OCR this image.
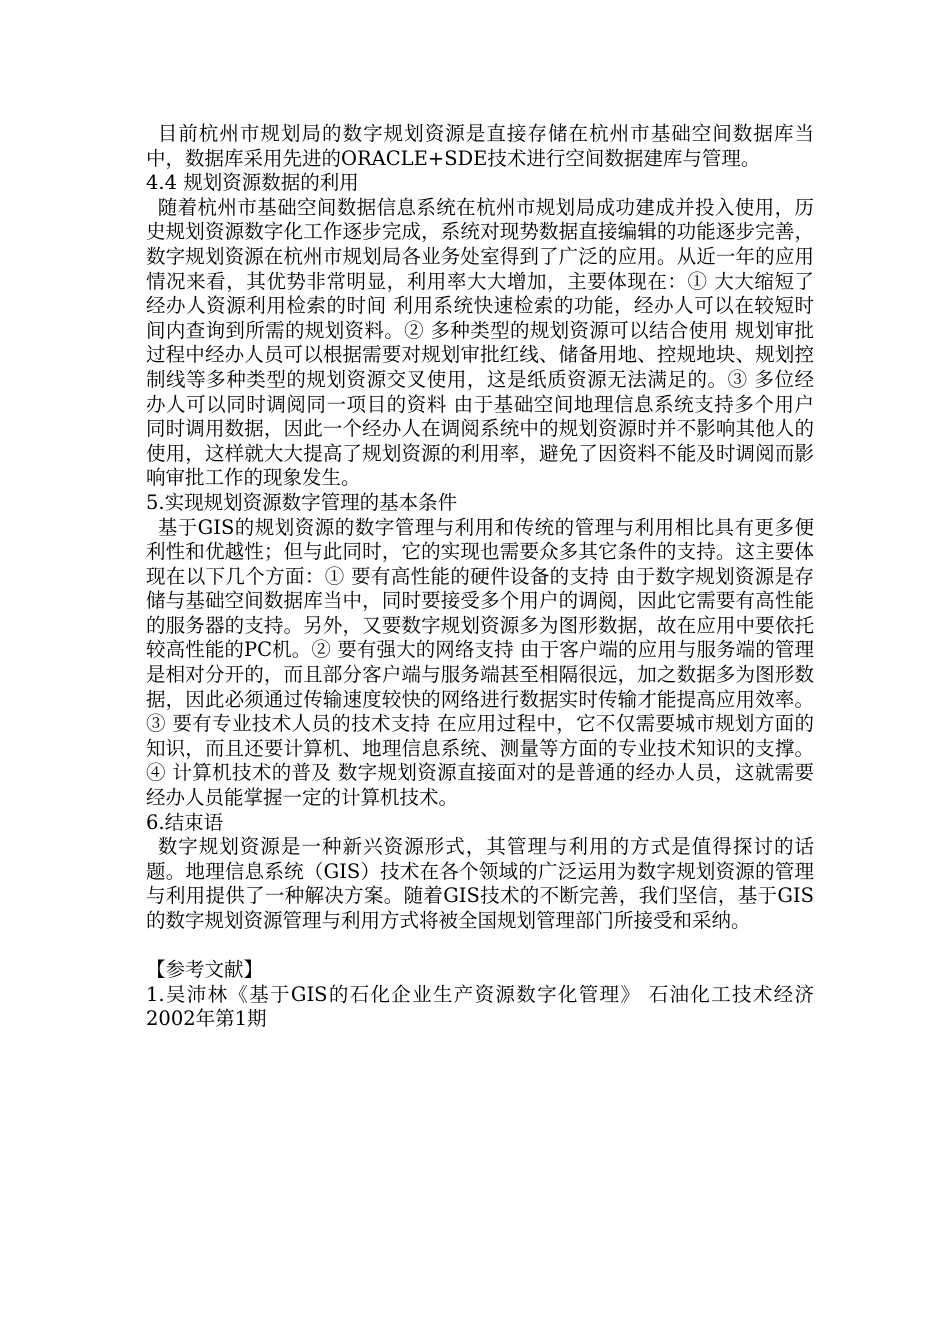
目前杭州市规划局的数字规划资源是直接存储在杭州市基础空间数据库当中，数据库采用先进的ORACLE+SDE技术进行空间数据建库与管理。

4.4 规划资源数据的利用

随着杭州市基础空间数据信息系统在杭州市规划局成功建成并投入使用，历史规划资源数字化工作逐步完成，系统对现势数据直接编辑的功能逐步完善，数字规划资源在杭州市规划局各业务处室得到了广泛的应用。从近一年的应用情况来看，其优势非常明显，利用率大大增加，主要体现在：① 大大缩短了经办人资源利用检索的时间 利用系统快速检索的功能，经办人可以在较短时间内查询到所需的规划资料。② 多种类型的规划资源可以结合使用 规划审批过程中经办人员可以根据需要对规划审批红线、储备用地、控规地块、规划控制线等多种类型的规划资源交叉使用，这是纸质资源无法满足的。③ 多位经办人可以同时调阅同一项目的资料 由于基础空间地理信息系统支持多个用户同时调用数据，因此一个经办人在调阅系统中的规划资源时并不影响其他人的使用，这样就大大提高了规划资源的利用率，避免了因资料不能及时调阅而影响审批工作的现象发生。

5.实现规划资源数字管理的基本条件

基于GIS的规划资源的数字管理与利用和传统的管理与利用相比具有更多便利性和优越性；但与此同时，它的实现也需要众多其它条件的支持。这主要体现在以下几个方面：① 要有高性能的硬件设备的支持 由于数字规划资源是存储与基础空间数据库当中，同时要接受多个用户的调阅，因此它需要有高性能的服务器的支持。另外，又要数字规划资源多为图形数据，故在应用中要依托较高性能的PC机。② 要有强大的网络支持 由于客户端的应用与服务端的管理是相对分开的，而且部分客户端与服务端甚至相隔很远，加之数据多为图形数据，因此必须通过传输速度较快的网络进行数据实时传输才能提高应用效率。③ 要有专业技术人员的技术支持 在应用过程中，它不仅需要城市规划方面的知识，而且还要计算机、地理信息系统、测量等方面的专业技术知识的支撑。④ 计算机技术的普及 数字规划资源直接面对的是普通的经办人员，这就需要经办人员能掌握一定的计算机技术。

6.结束语

数字规划资源是一种新兴资源形式，其管理与利用的方式是值得探讨的话题。地理信息系统（GIS）技术在各个领域的广泛运用为数字规划资源的管理与利用提供了一种解决方案。随着GIS技术的不断完善，我们坚信，基于GIS的数字规划资源管理与利用方式将被全国规划管理部门所接受和采纳。

【参考文献】

1.吴沛林《基于GIS的石化企业生产资源数字化管理》 石油化工技术经济 2002年第1期
